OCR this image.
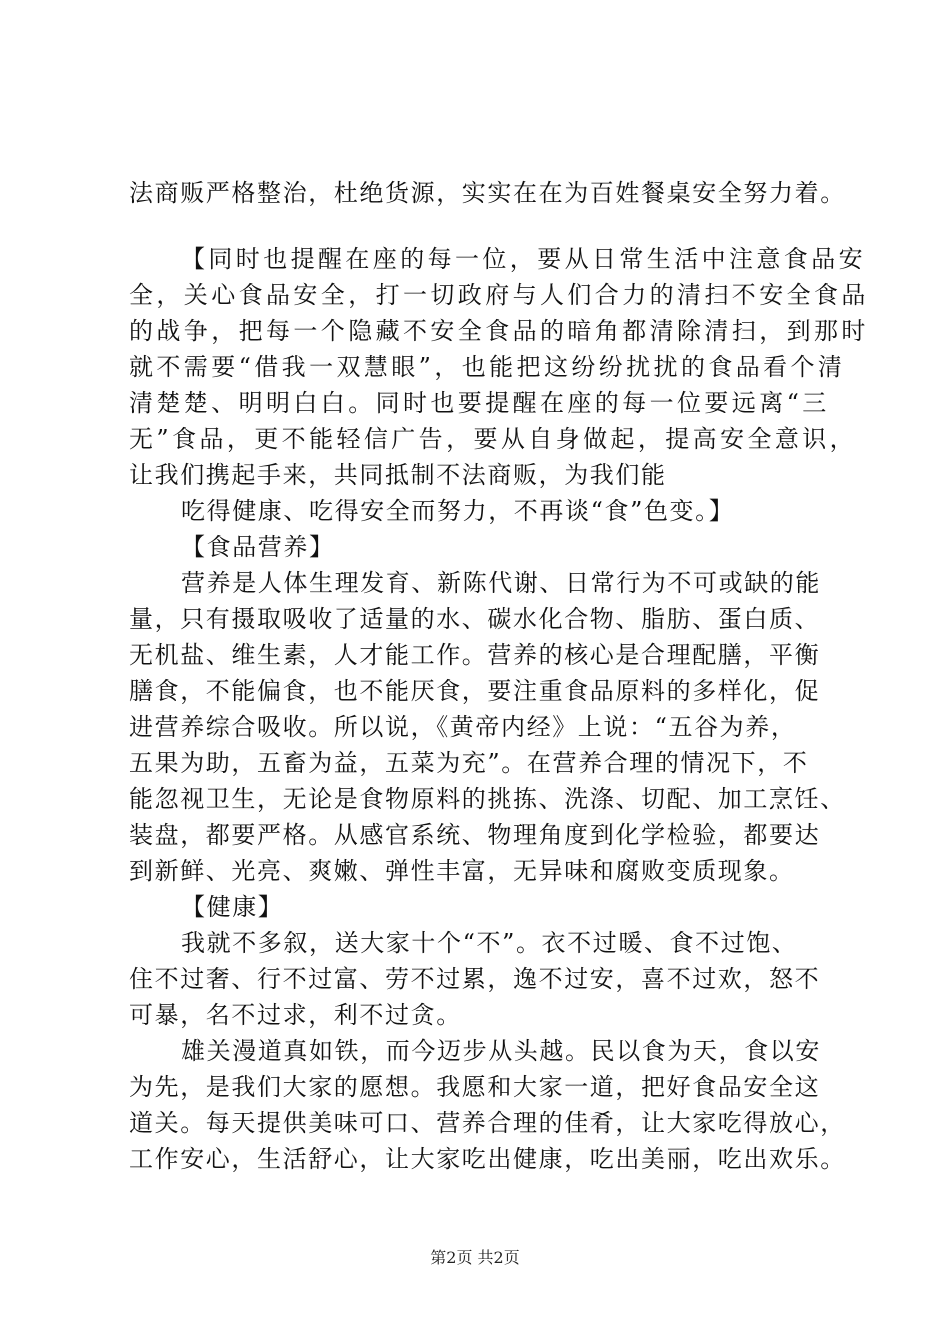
法商贩严格整治，杜绝货源，实实在在为百姓餐桌安全努力着。
【同时也提醒在座的每一位，要从日常生活中注意食品安
全，关心食品安全，打一切政府与人们合力的清扫不安全食品
的战争，把每一个隐藏不安全食品的暗角都清除清扫，到那时
就不需要“借我一双慧眼”，也能把这纷纷扰扰的食品看个清
清楚楚、明明白白。同时也要提醒在座的每一位要远离“三
无”食品，更不能轻信广告，要从自身做起，提高安全意识，
让我们携起手来，共同抵制不法商贩，为我们能
吃得健康、吃得安全而努力，不再谈“食”色变。】
【食品营养】
营养是人体生理发育、新陈代谢、日常行为不可或缺的能
量，只有摄取吸收了适量的水、碳水化合物、脂肪、蛋白质、
无机盐、维生素，人才能工作。营养的核心是合理配膳，平衡
膳食，不能偏食，也不能厌食，要注重食品原料的多样化，促
进营养综合吸收。所以说，《黄帝内经》上说：“五谷为养，
五果为助，五畜为益，五菜为充”。在营养合理的情况下，不
能忽视卫生，无论是食物原料的挑拣、洗涤、切配、加工烹饪、
装盘，都要严格。从感官系统、物理角度到化学检验，都要达
到新鲜、光亮、爽嫩、弹性丰富，无异味和腐败变质现象。
【健康】
我就不多叙，送大家十个“不”。衣不过暖、食不过饱、
住不过奢、行不过富、劳不过累，逸不过安，喜不过欢，怒不
可暴，名不过求，利不过贪。
雄关漫道真如铁，而今迈步从头越。民以食为天，食以安
为先，是我们大家的愿想。我愿和大家一道，把好食品安全这
道关。每天提供美味可口、营养合理的佳肴，让大家吃得放心，
工作安心，生活舒心，让大家吃出健康，吃出美丽，吃出欢乐。
第2页 共2页
